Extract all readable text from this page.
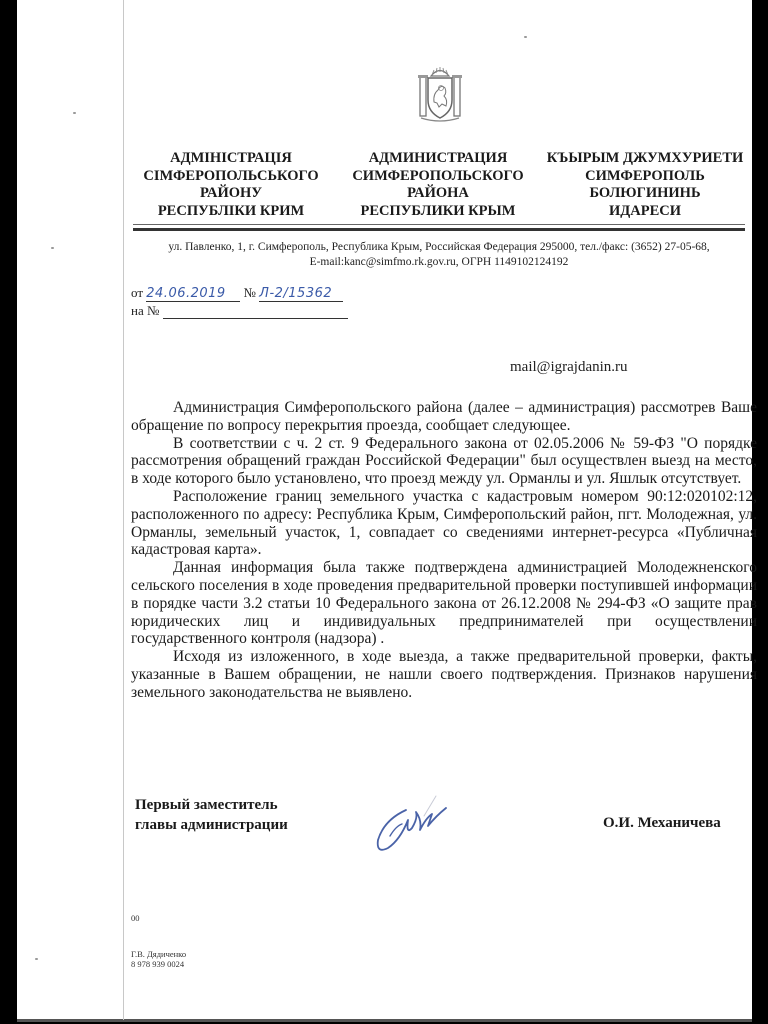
АДМІНІСТРАЦІЯ
СІМФЕРОПОЛЬСЬКОГО
РАЙОНУ
РЕСПУБЛІКИ КРИМ
АДМИНИСТРАЦИЯ
СИМФЕРОПОЛЬСКОГО
РАЙОНА
РЕСПУБЛИКИ КРЫМ
КЪЫРЫМ ДЖУМХУРИЕТИ
СИМФЕРОПОЛЬ
БОЛЮГИНИНЬ
ИДАРЕСИ
ул. Павленко, 1, г. Симферополь, Республика Крым, Российская Федерация 295000, тел./факс: (3652) 27-05-68,
E-mail:kanc@simfmo.rk.gov.ru, ОГРН 1149102124192
от 24.06.2019 № Л-2/15362
на №
mail@igrajdanin.ru

Администрация Симферопольского района (далее – администрация) рассмотрев Ваше обращение по вопросу перекрытия проезда, сообщает следующее.

В соответствии с ч. 2 ст. 9 Федерального закона от 02.05.2006 № 59-ФЗ "О порядке рассмотрения обращений граждан Российской Федерации" был осуществлен выезд на место, в ходе которого было установлено, что проезд между ул. Орманлы и ул. Яшлык отсутствует.

Расположение границ земельного участка с кадастровым номером 90:12:020102:12, расположенного по адресу: Республика Крым, Симферопольский район, пгт. Молодежная, ул. Орманлы, земельный участок, 1, совпадает со сведениями интернет-ресурса «Публичная кадастровая карта».

Данная информация была также подтверждена администрацией Молодежненского сельского поселения в ходе проведения предварительной проверки поступившей информации в порядке части 3.2 статьи 10 Федерального закона от 26.12.2008 № 294-ФЗ «О защите прав юридических лиц и индивидуальных предпринимателей при осуществлении государственного контроля (надзора) .

Исходя из изложенного, в ходе выезда, а также предварительной проверки, факты, указанные в Вашем обращении, не нашли своего подтверждения. Признаков нарушения земельного законодательства не выявлено.

Первый заместитель
главы администрации	О.И. Механичева
00
Г.В. Дядиченко
8 978 939 0024
